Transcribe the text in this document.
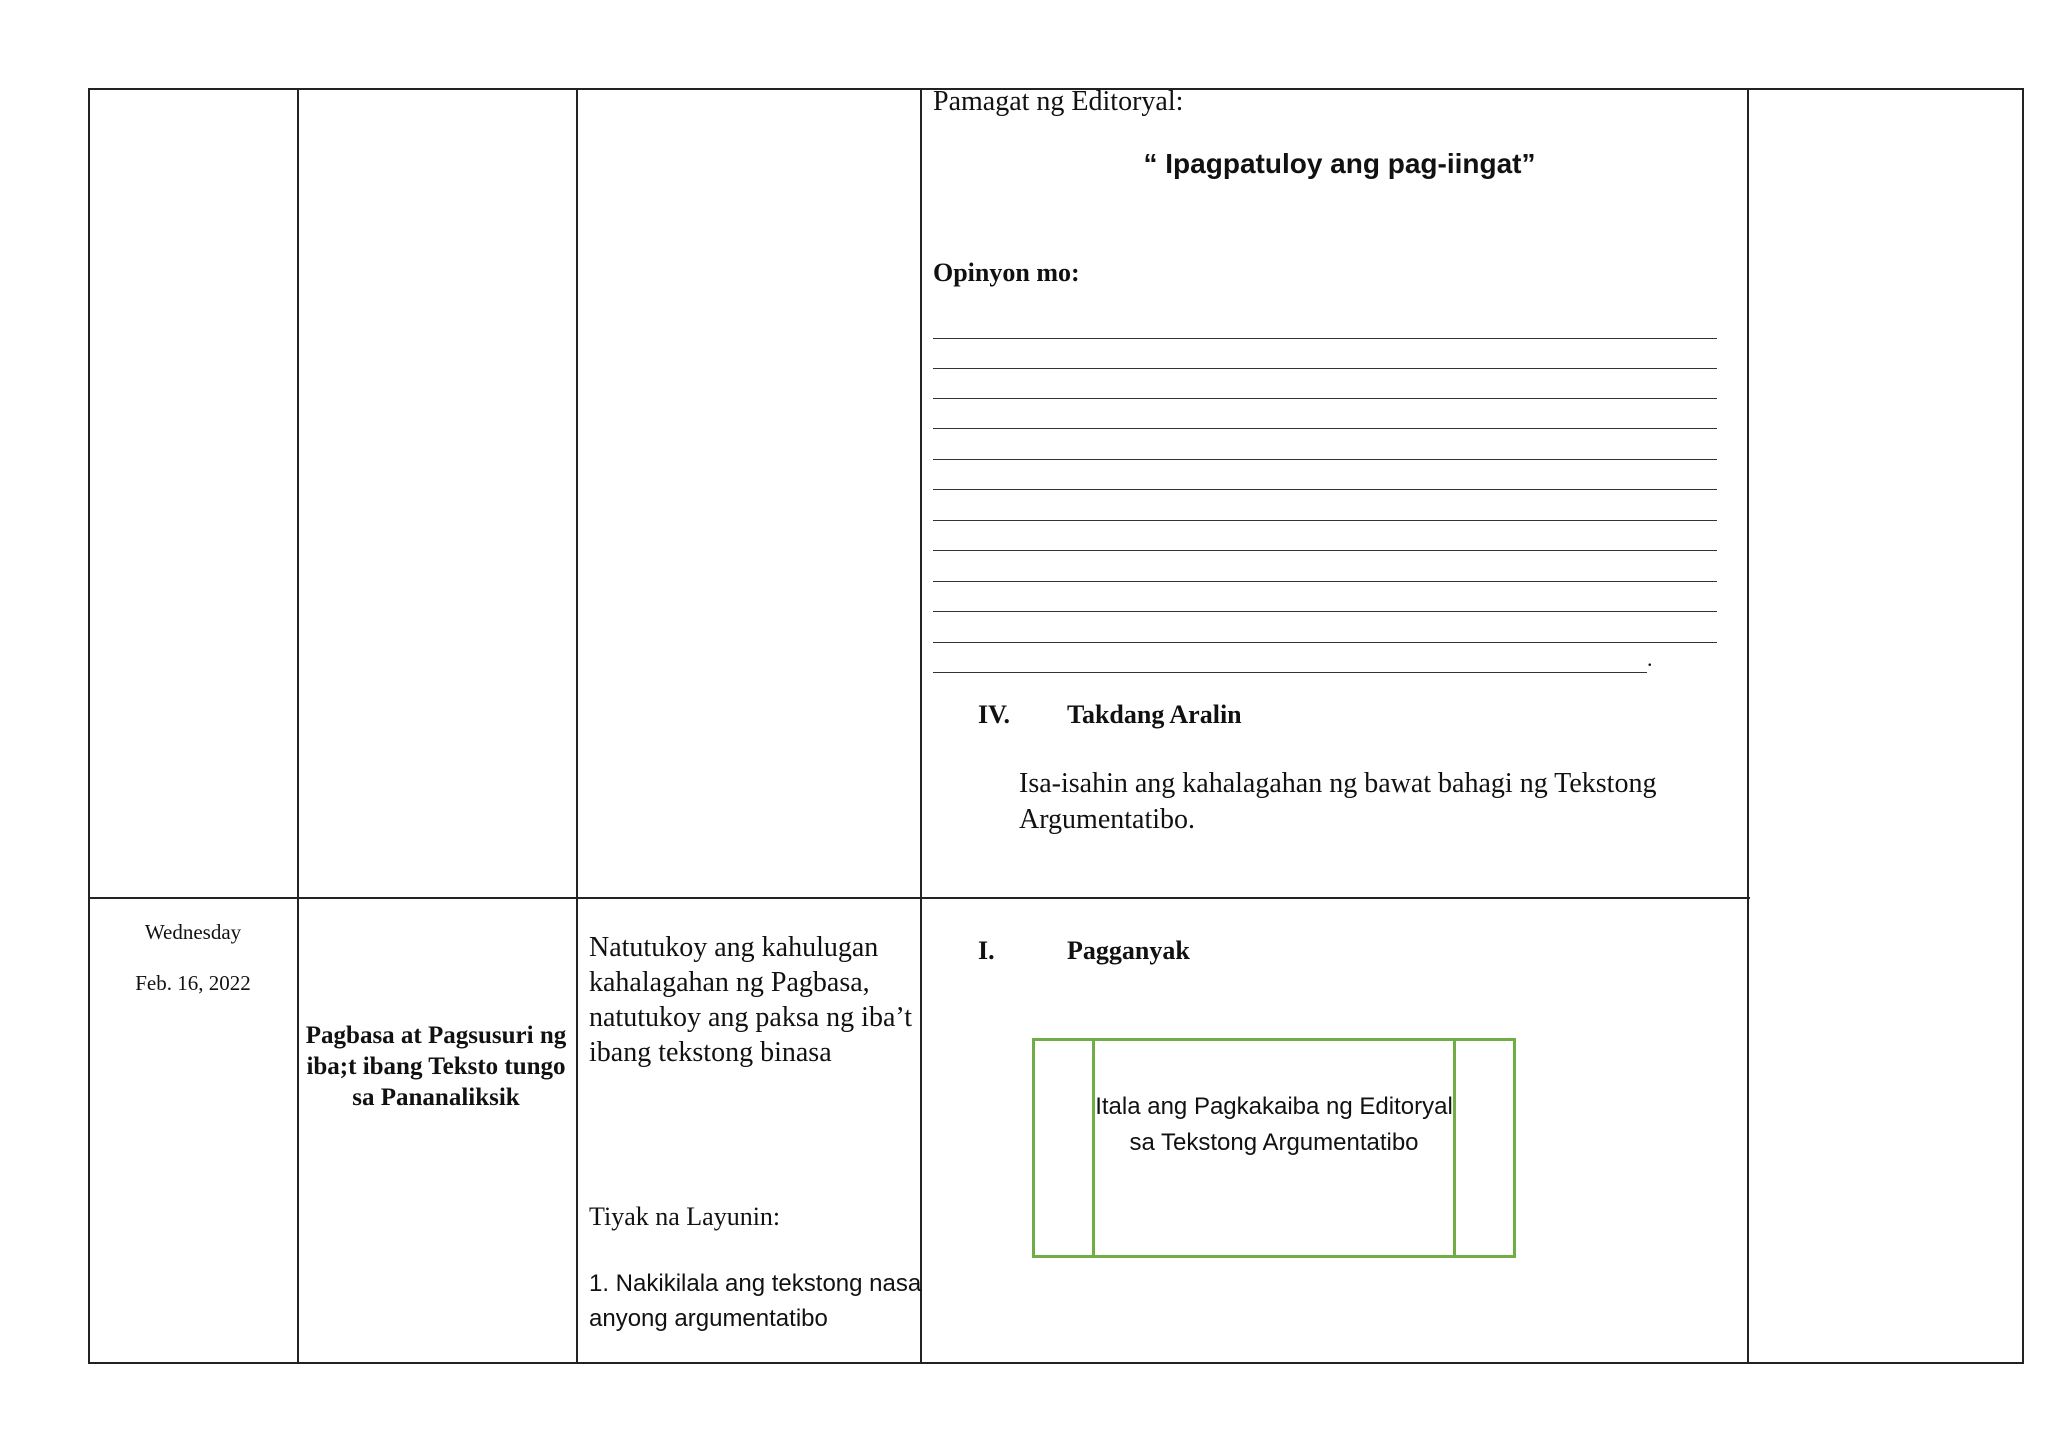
Pamagat ng Editoryal:
“ Ipagpatuloy ang pag-iingat”
Opinyon mo:
.
IV. Takdang Aralin
Isa-isahin ang kahalagahan ng bawat bahagi ng Tekstong Argumentatibo.
Wednesday
Feb. 16, 2022
Pagbasa at Pagsusuri ng iba;t ibang Teksto tungo sa Pananaliksik
Natutukoy ang kahulugan kahalagahan ng Pagbasa, natutukoy ang paksa ng iba’t ibang tekstong binasa
Tiyak na Layunin:
1. Nakikilala ang tekstong nasa anyong argumentatibo
I.	Pagganyak
Itala ang Pagkakaiba ng Editoryal sa Tekstong Argumentatibo
